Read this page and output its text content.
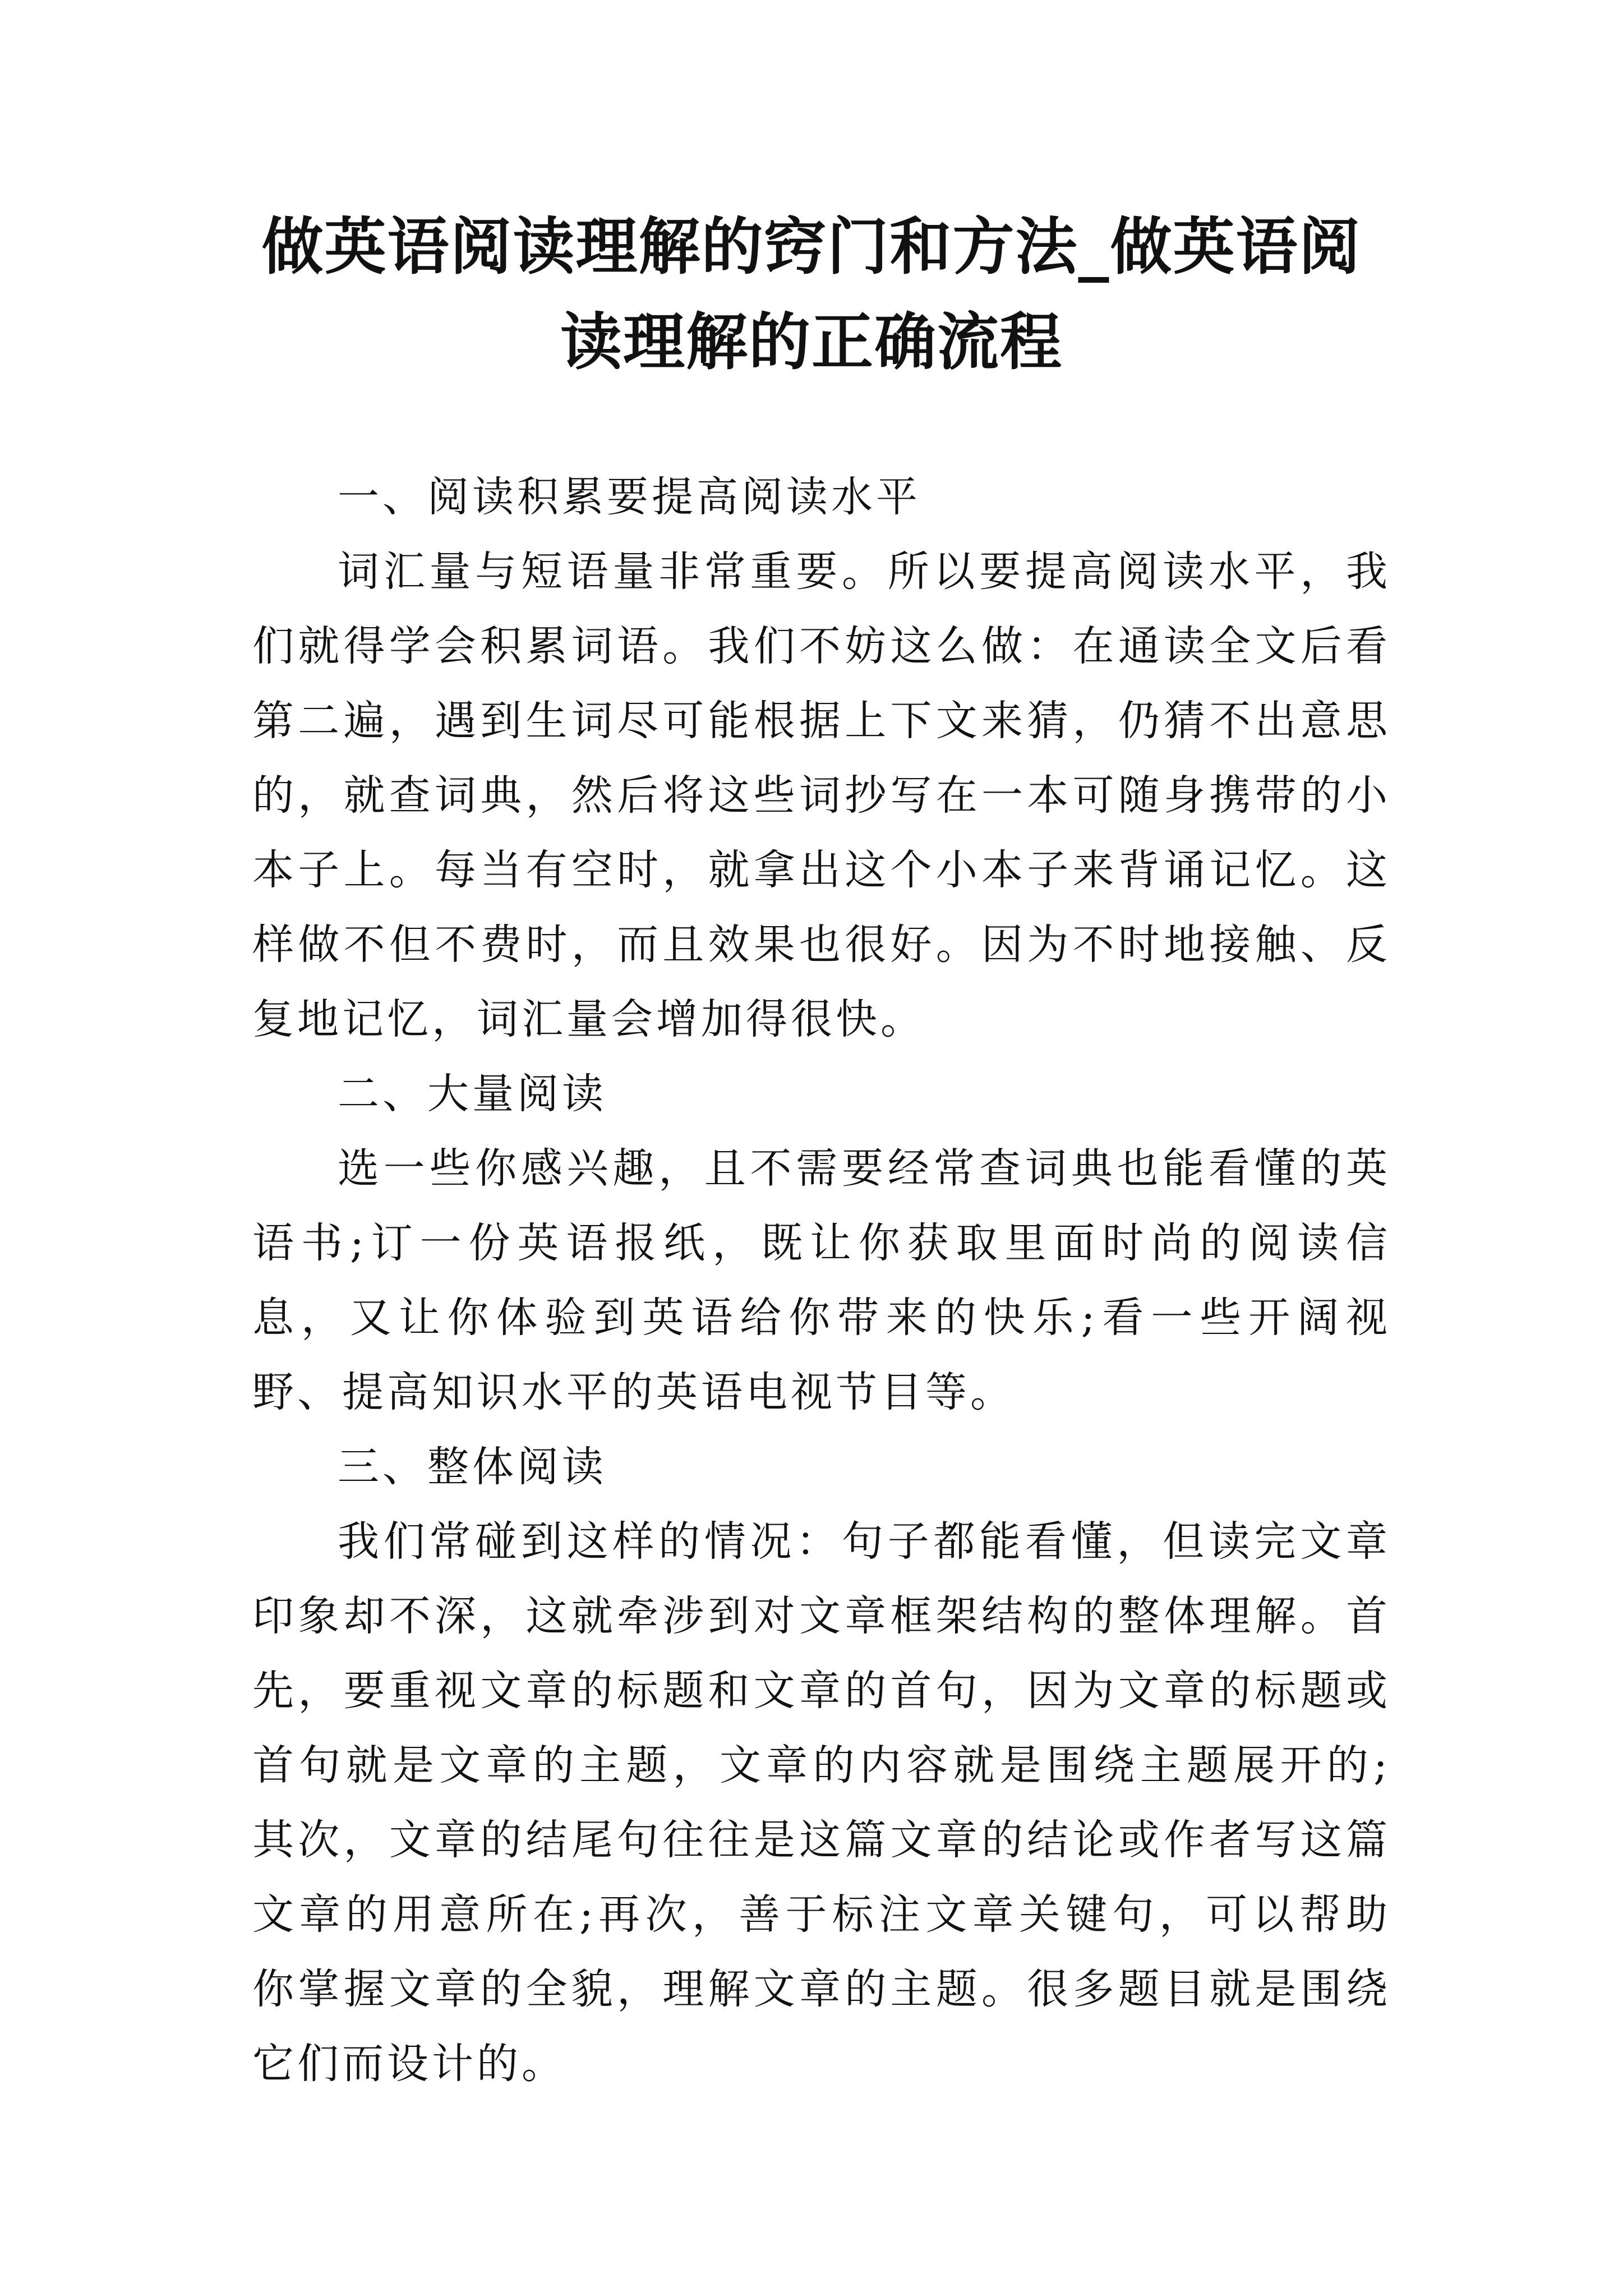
做英语阅读理解的窍门和方法_做英语阅读理解的正确流程

一、阅读积累要提高阅读水平

词汇量与短语量非常重要。所以要提高阅读水平，我们就得学会积累词语。我们不妨这么做：在通读全文后看第二遍，遇到生词尽可能根据上下文来猜，仍猜不出意思的，就查词典，然后将这些词抄写在一本可随身携带的小本子上。每当有空时，就拿出这个小本子来背诵记忆。这样做不但不费时，而且效果也很好。因为不时地接触、反复地记忆，词汇量会增加得很快。

二、大量阅读

选一些你感兴趣，且不需要经常查词典也能看懂的英语书;订一份英语报纸，既让你获取里面时尚的阅读信息，又让你体验到英语给你带来的快乐;看一些开阔视野、提高知识水平的英语电视节目等。

三、整体阅读

我们常碰到这样的情况：句子都能看懂，但读完文章印象却不深，这就牵涉到对文章框架结构的整体理解。首先，要重视文章的标题和文章的首句，因为文章的标题或首句就是文章的主题，文章的内容就是围绕主题展开的;其次，文章的结尾句往往是这篇文章的结论或作者写这篇文章的用意所在;再次，善于标注文章关键句，可以帮助你掌握文章的全貌，理解文章的主题。很多题目就是围绕它们而设计的。
